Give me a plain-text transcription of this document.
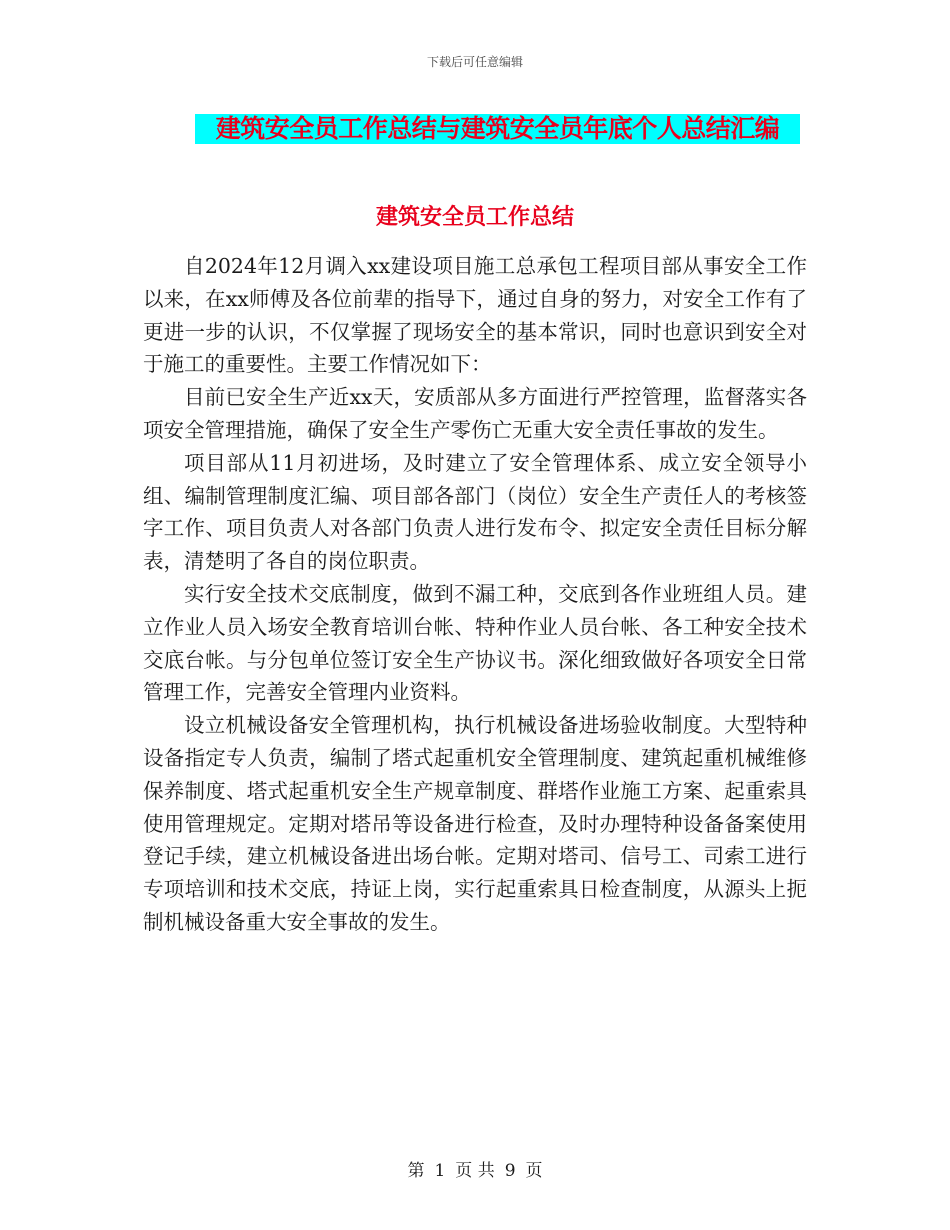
下载后可任意编辑
建筑安全员工作总结与建筑安全员年底个人总结汇编
建筑安全员工作总结

自2024年12月调入xx建设项目施工总承包工程项目部从事安全工作以来，在xx师傅及各位前辈的指导下，通过自身的努力，对安全工作有了更进一步的认识，不仅掌握了现场安全的基本常识，同时也意识到安全对于施工的重要性。主要工作情况如下：

目前已安全生产近xx天，安质部从多方面进行严控管理，监督落实各项安全管理措施，确保了安全生产零伤亡无重大安全责任事故的发生。

项目部从11月初进场，及时建立了安全管理体系、成立安全领导小组、编制管理制度汇编、项目部各部门（岗位）安全生产责任人的考核签字工作、项目负责人对各部门负责人进行发布令、拟定安全责任目标分解表，清楚明了各自的岗位职责。

实行安全技术交底制度，做到不漏工种，交底到各作业班组人员。建立作业人员入场安全教育培训台帐、特种作业人员台帐、各工种安全技术交底台帐。与分包单位签订安全生产协议书。深化细致做好各项安全日常管理工作，完善安全管理内业资料。

设立机械设备安全管理机构，执行机械设备进场验收制度。大型特种设备指定专人负责，编制了塔式起重机安全管理制度、建筑起重机械维修保养制度、塔式起重机安全生产规章制度、群塔作业施工方案、起重索具使用管理规定。定期对塔吊等设备进行检查，及时办理特种设备备案使用登记手续，建立机械设备进出场台帐。定期对塔司、信号工、司索工进行专项培训和技术交底，持证上岗，实行起重索具日检查制度，从源头上扼制机械设备重大安全事故的发生。

第 1 页 共 9 页
